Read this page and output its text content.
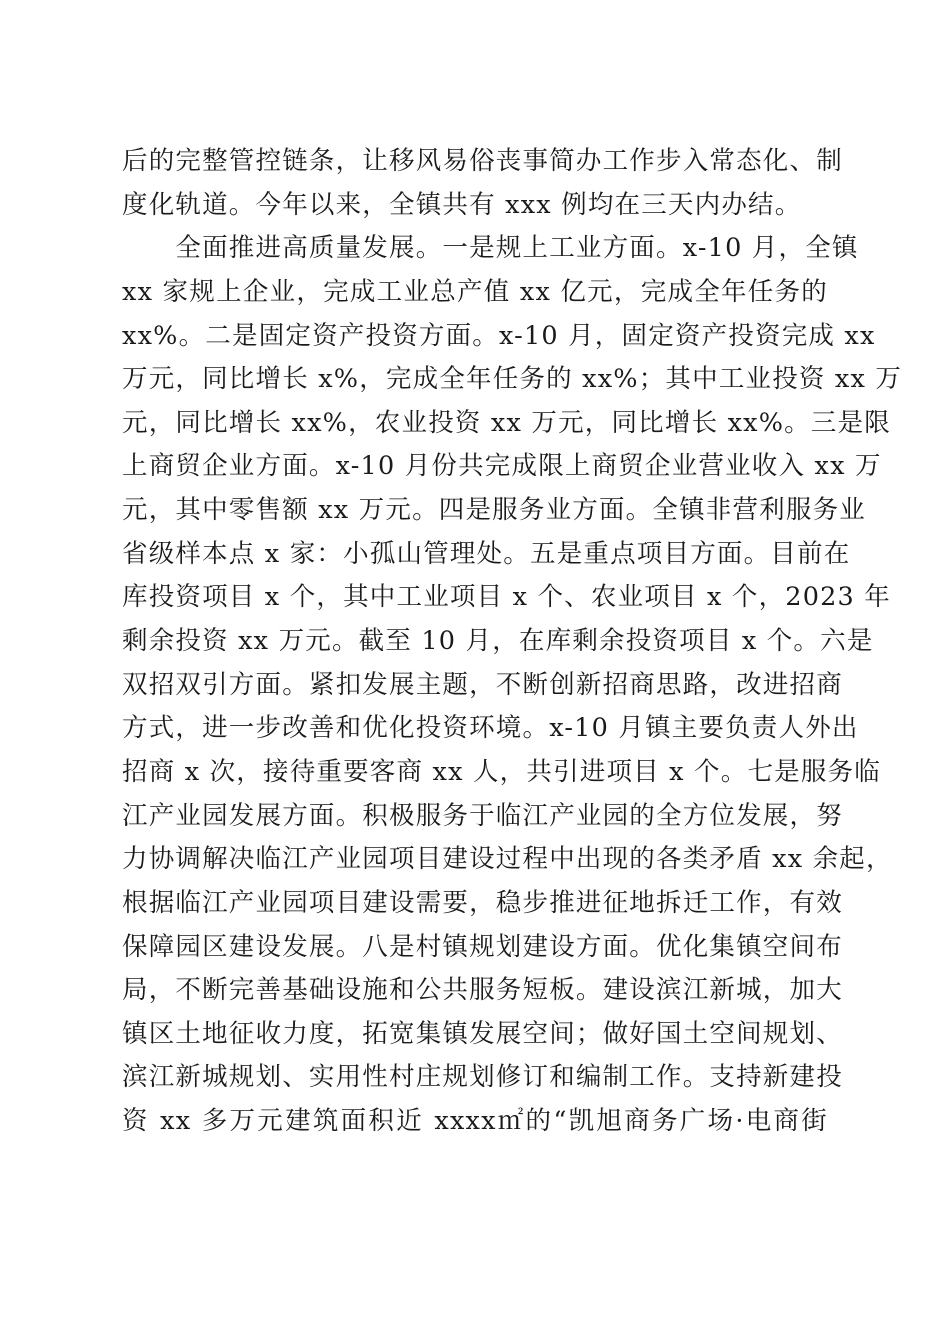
后的完整管控链条，让移风易俗丧事简办工作步入常态化、制
度化轨道。今年以来，全镇共有 xxx 例均在三天内办结。
　　全面推进高质量发展。一是规上工业方面。x-10 月，全镇
xx 家规上企业，完成工业总产值 xx 亿元，完成全年任务的
xx%。二是固定资产投资方面。x-10 月，固定资产投资完成 xx
万元，同比增长 x%，完成全年任务的 xx%；其中工业投资 xx 万
元，同比增长 xx%，农业投资 xx 万元，同比增长 xx%。三是限
上商贸企业方面。x-10 月份共完成限上商贸企业营业收入 xx 万
元，其中零售额 xx 万元。四是服务业方面。全镇非营利服务业
省级样本点 x 家：小孤山管理处。五是重点项目方面。目前在
库投资项目 x 个，其中工业项目 x 个、农业项目 x 个，2023 年
剩余投资 xx 万元。截至 10 月，在库剩余投资项目 x 个。六是
双招双引方面。紧扣发展主题，不断创新招商思路，改进招商
方式，进一步改善和优化投资环境。x-10 月镇主要负责人外出
招商 x 次，接待重要客商 xx 人，共引进项目 x 个。七是服务临
江产业园发展方面。积极服务于临江产业园的全方位发展，努
力协调解决临江产业园项目建设过程中出现的各类矛盾 xx 余起，
根据临江产业园项目建设需要，稳步推进征地拆迁工作，有效
保障园区建设发展。八是村镇规划建设方面。优化集镇空间布
局，不断完善基础设施和公共服务短板。建设滨江新城，加大
镇区土地征收力度，拓宽集镇发展空间；做好国土空间规划、
滨江新城规划、实用性村庄规划修订和编制工作。支持新建投
资 xx 多万元建筑面积近 xxxx㎡的“凯旭商务广场·电商街
